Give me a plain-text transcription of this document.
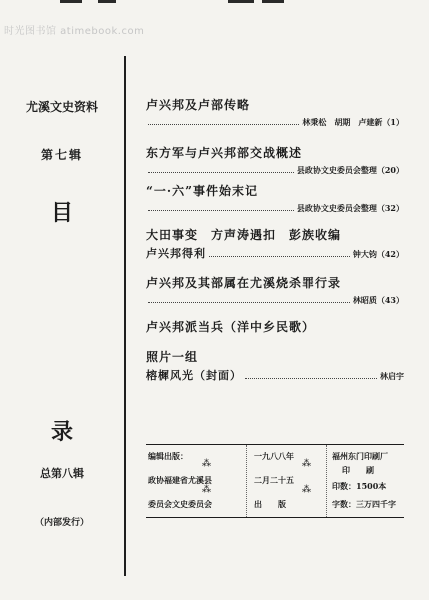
时光图书馆 atimebook.com
尤溪文史资料
第七辑
目
录
总第八辑
（内部发行）
卢兴邦及卢部传略
林秉松　胡期　卢建新 （1）
东方军与卢兴邦部交战概述
县政协文史委员会整理 （20）
“一·六”事件始末记
县政协文史委员会整理 （32）
大田事变　方声涛遇扣　彭族收编
卢兴邦得利	钟大钧 （42）
卢兴邦及其部属在尤溪烧杀罪行录
林昭质 （43）
卢兴邦派当兵（洋中乡民歌）
照片一组
榕樨风光（封面）	林启宇
编辑出版：
政协福建省尤溪县
委员会文史委员会
⁂
⁂
⁂
⁂
一九八八年
二月二十五
出　　版
福州东门印刷厂
印　　刷
印数：1500本
字数：三万四千字
